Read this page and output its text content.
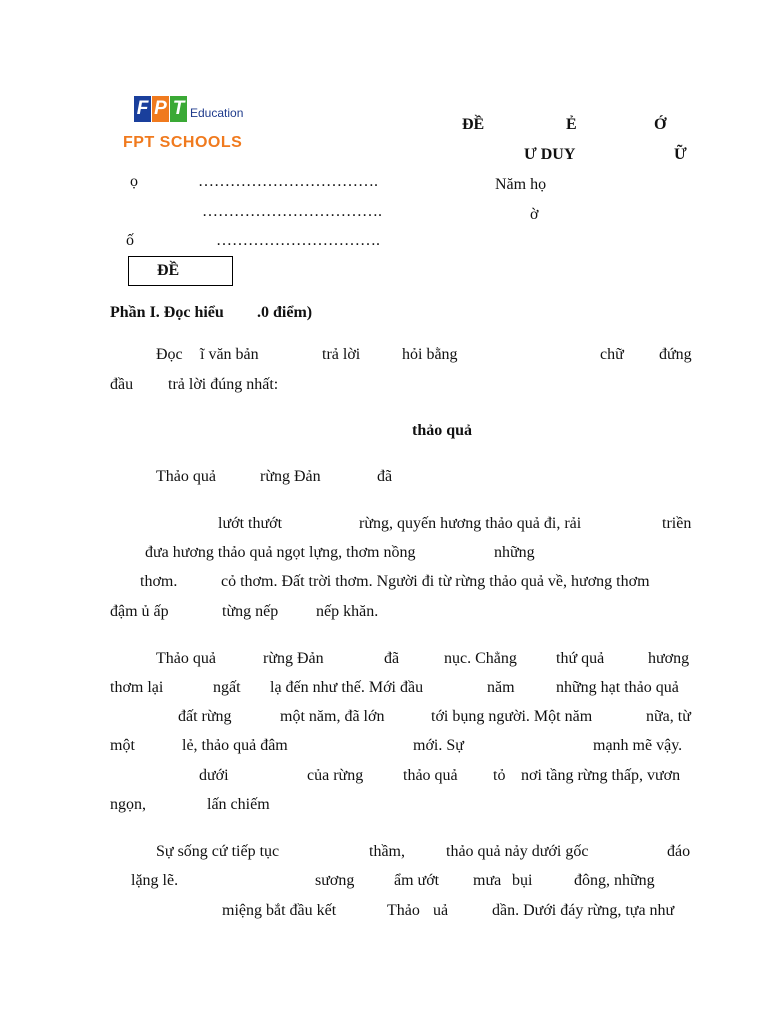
F P T Education
FPT SCHOOLS
ĐỀ	Ẻ	Ớ
Ư DUY	Ữ
Năm họ
ờ
ọ	…………………………….
…………………………….
ố	………………………….
ĐỀ
Phần I. Đọc hiểu .0 điểm)
Đọc ĩ văn bản	trả lời	hỏi bằng	chữ đứng
đầu trả lời đúng nhất:
thảo quả
Thảo quả	rừng Đản	đã
lướt thướt	rừng, quyến hương thảo quả đi, rải	triền
đưa hương thảo quả ngọt lựng, thơm nồng	những
thơm.	cỏ thơm. Đất trời thơm. Người đi từ rừng thảo quả về, hương thơm
đậm ủ ấp	từng nếp nếp khăn.
Thảo quả	rừng Đản	đã	nục. Chẳng thứ quả	hương
thơm lại	ngất lạ đến như thế. Mới đầu	năm	những hạt thảo quả
đất rừng	một năm, đã lớn	tới bụng người. Một năm	nữa, từ
một	lẻ, thảo quả đâm	mới. Sự	mạnh mẽ vậy.
dưới	của rừng thảo quả tỏ nơi tầng rừng thấp, vươn
ngọn,	lấn chiếm
Sự sống cứ tiếp tục	thầm,	thảo quả nảy dưới gốc	đáo
lặng lẽ.	sương ẩm ướt mưa bụi	đông, những
miệng bắt đầu kết	Thảo uả	dần. Dưới đáy rừng, tựa như
